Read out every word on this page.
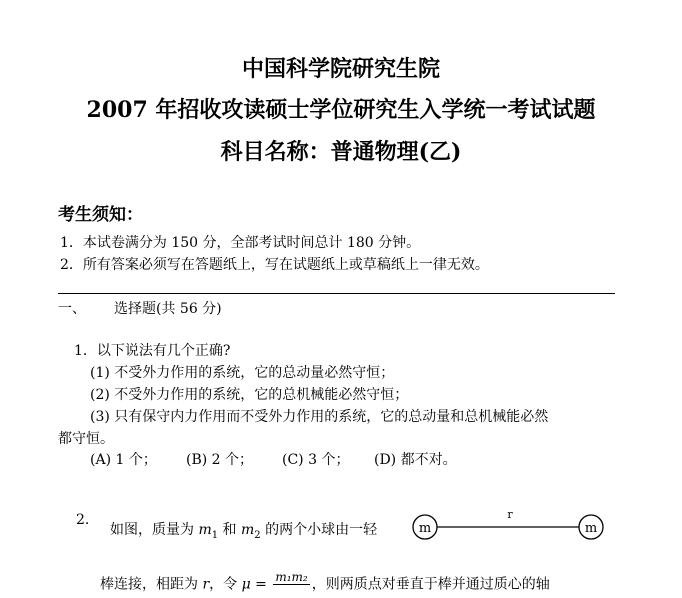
中国科学院研究生院
2007 年招收攻读硕士学位研究生入学统一考试试题
科目名称：普通物理(乙)
考生须知：
1．本试卷满分为 150 分，全部考试时间总计 180 分钟。
2．所有答案必须写在答题纸上，写在试题纸上或草稿纸上一律无效。
一、 选择题(共 56 分)
1．以下说法有几个正确?
(1) 不受外力作用的系统，它的总动量必然守恒；
(2) 不受外力作用的系统，它的总机械能必然守恒；
(3) 只有保守内力作用而不受外力作用的系统，它的总动量和总机械能必然
都守恒。
(A) 1 个； (B) 2 个； (C) 3 个； (D) 都不对。
2.
如图，质量为 $m_1$ 和 $m_2$ 的两个小球由一轻
棒连接，相距为 r，令 μ = m₁m₂
，则两质点对垂直于棒并通过质心的轴
m	m
r
